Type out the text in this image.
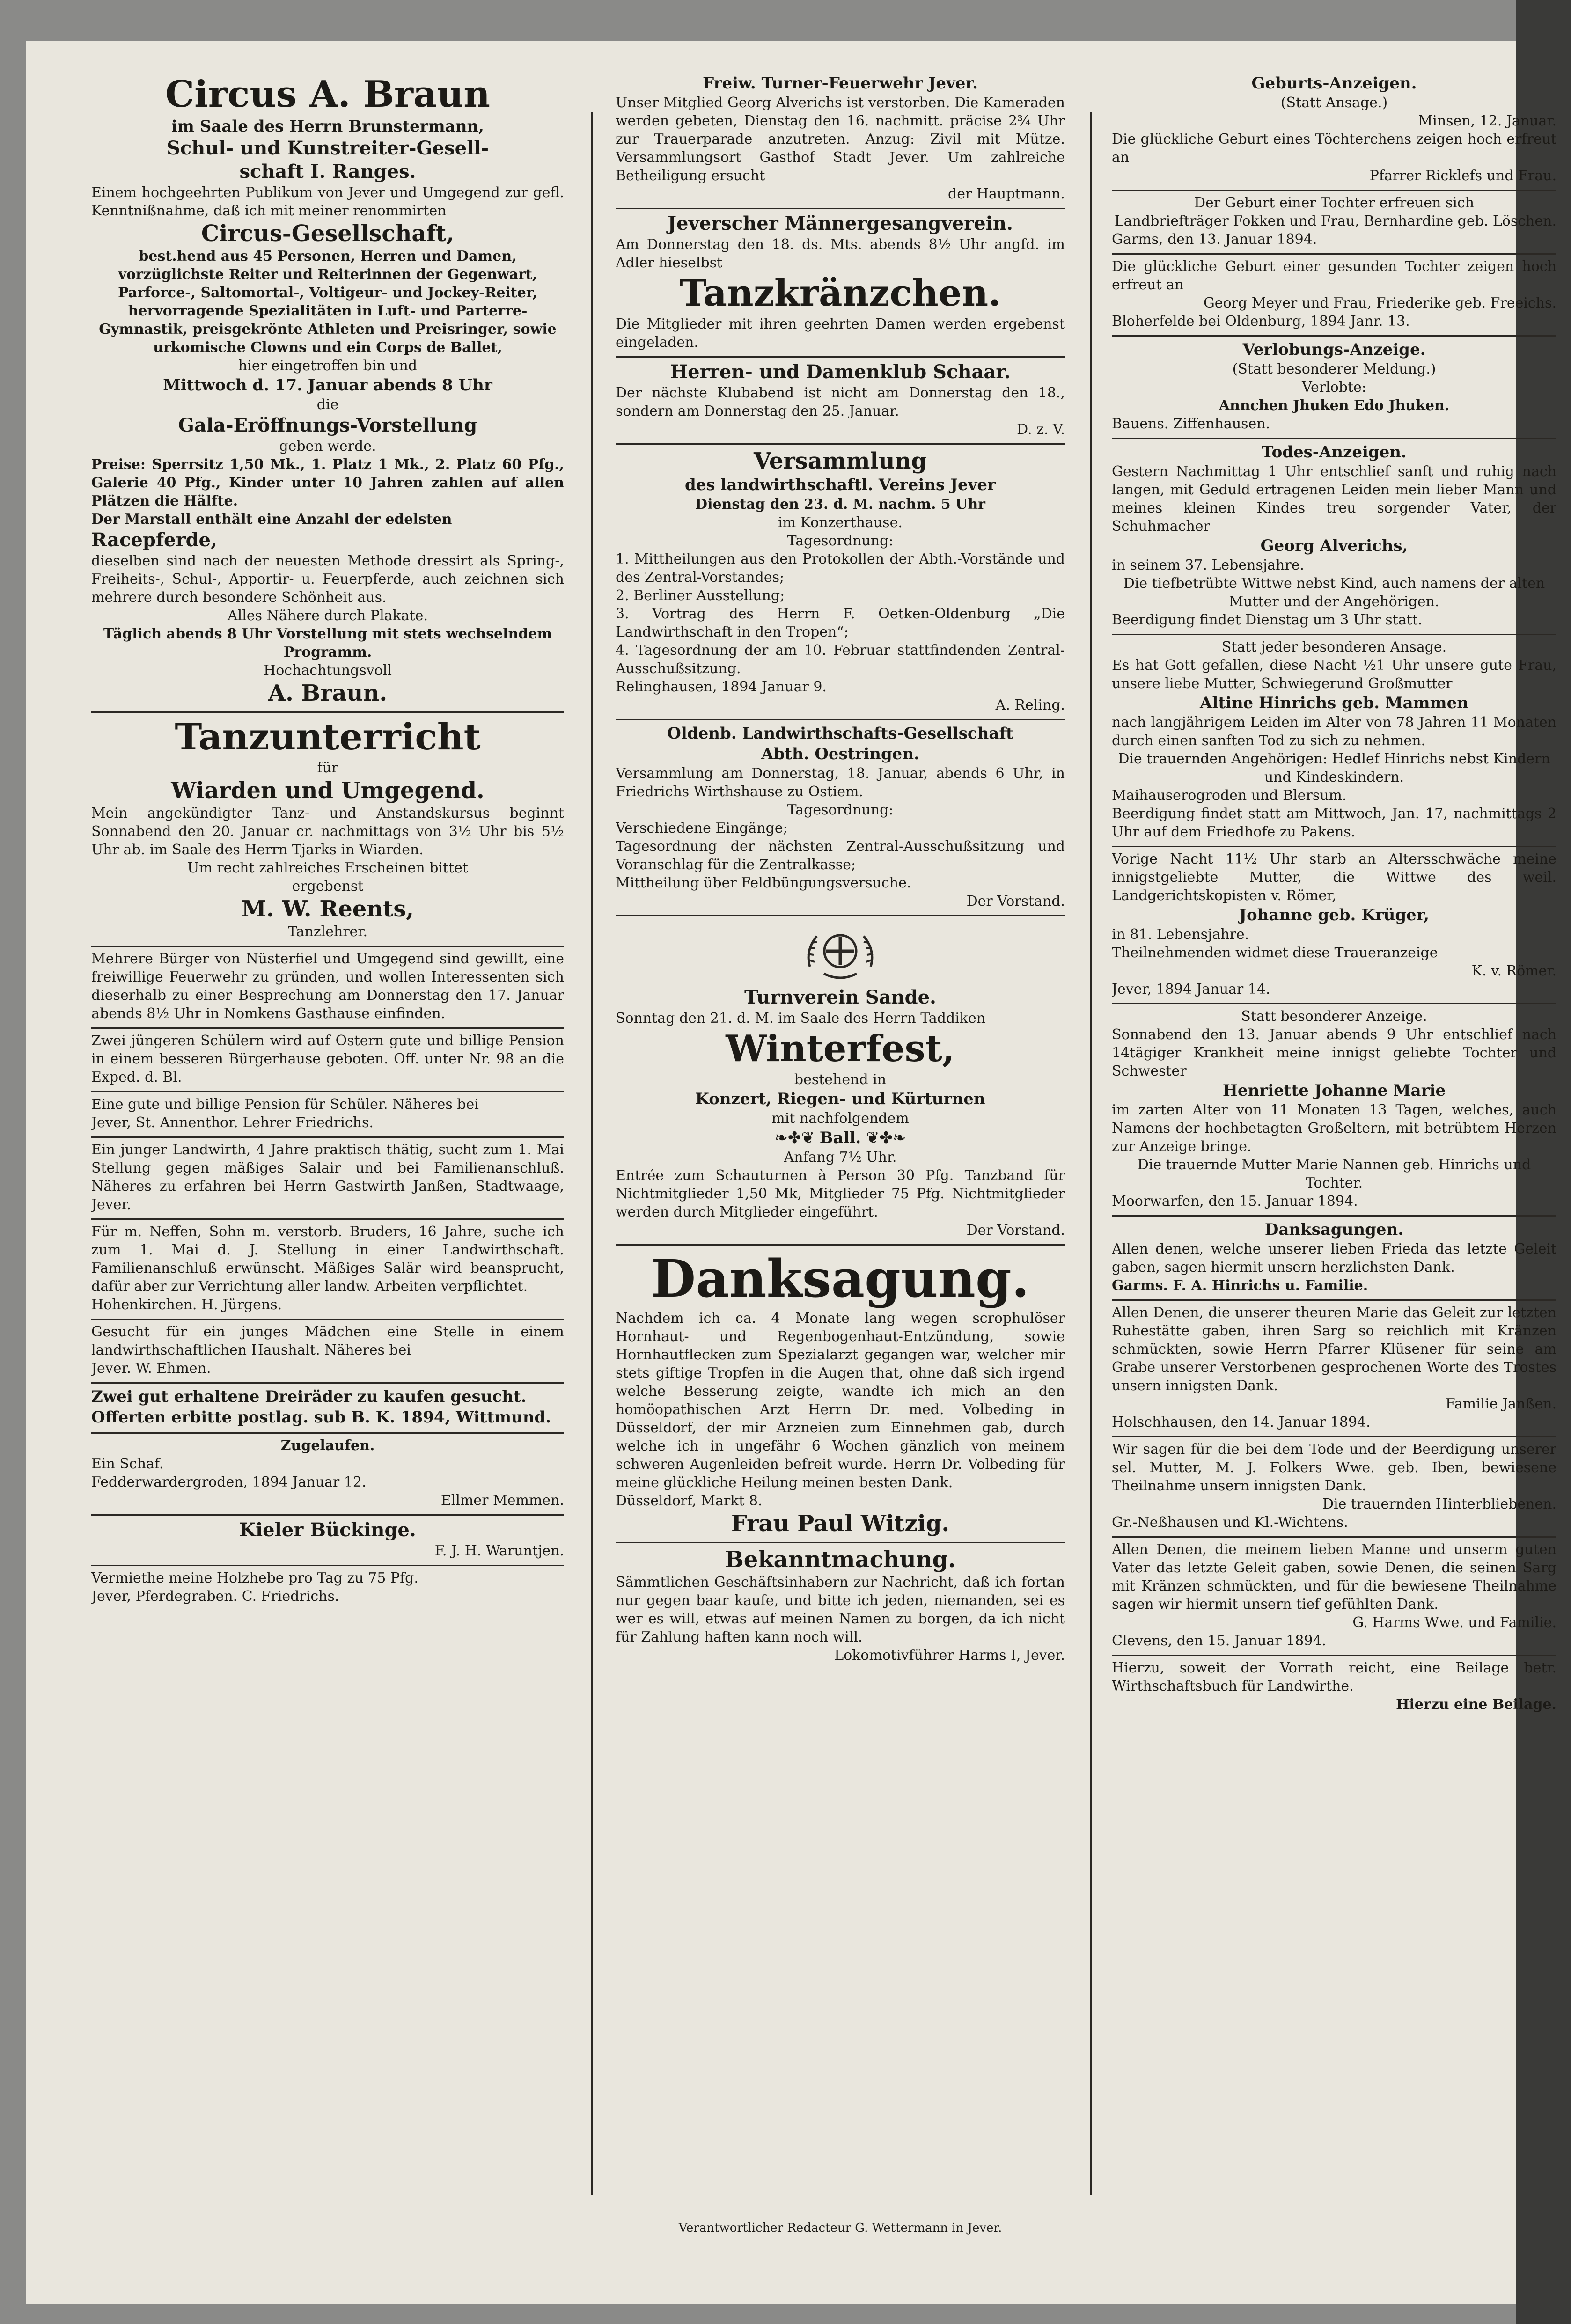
Circus A. Braun

im Saale des Herrn Brunstermann,

Schul- und Kunstreiter-Gesell-

schaft I. Ranges.

Einem hochgeehrten Publikum von Jever und Umgegend zur gefl. Kenntnißnahme, daß ich mit meiner renommirten

Circus-Gesellschaft,

best.hend aus 45 Personen, Herren und Damen, vorzüglichste Reiter und Reiterinnen der Gegenwart, Parforce-, Saltomortal-, Voltigeur- und Jockey-Reiter, hervorragende Spezialitäten in Luft- und Parterre-Gymnastik, preisgekrönte Athleten und Preisringer, sowie urkomische Clowns und ein Corps de Ballet,

hier eingetroffen bin und

Mittwoch d. 17. Januar abends 8 Uhr

die

Gala-Eröffnungs-Vorstellung

geben werde.

Preise: Sperrsitz 1,50 Mk., 1. Platz 1 Mk., 2. Platz 60 Pfg., Galerie 40 Pfg., Kinder unter 10 Jahren zahlen auf allen Plätzen die Hälfte.

Der Marstall enthält eine Anzahl der edelsten

Racepferde,

dieselben sind nach der neuesten Methode dressirt als Spring-, Freiheits-, Schul-, Apportir- u. Feuerpferde, auch zeichnen sich mehrere durch besondere Schönheit aus.

Alles Nähere durch Plakate.

Täglich abends 8 Uhr Vorstellung mit stets wechselndem Programm.

Hochachtungsvoll

A. Braun.

Tanzunterricht

für

Wiarden und Umgegend.

Mein angekündigter Tanz- und Anstandskursus beginnt Sonnabend den 20. Januar cr. nachmittags von 3½ Uhr bis 5½ Uhr ab. im Saale des Herrn Tjarks in Wiarden.

Um recht zahlreiches Erscheinen bittet

ergebenst

M. W. Reents,

Tanzlehrer.

Mehrere Bürger von Nüsterfiel und Umgegend sind gewillt, eine freiwillige Feuerwehr zu gründen, und wollen Interessenten sich dieserhalb zu einer Besprechung am Donnerstag den 17. Januar abends 8½ Uhr in Nomkens Gasthause einfinden.

Zwei jüngeren Schülern wird auf Ostern gute und billige Pension in einem besseren Bürgerhause geboten. Off. unter Nr. 98 an die Exped. d. Bl.

Eine gute und billige Pension für Schüler. Näheres bei

Jever, St. Annenthor. Lehrer Friedrichs.

Ein junger Landwirth, 4 Jahre praktisch thätig, sucht zum 1. Mai Stellung gegen mäßiges Salair und bei Familienanschluß. Näheres zu erfahren bei Herrn Gastwirth Janßen, Stadtwaage, Jever.

Für m. Neffen, Sohn m. verstorb. Bruders, 16 Jahre, suche ich zum 1. Mai d. J. Stellung in einer Landwirthschaft. Familienanschluß erwünscht. Mäßiges Salär wird beansprucht, dafür aber zur Verrichtung aller landw. Arbeiten verpflichtet.

Hohenkirchen. H. Jürgens.

Gesucht für ein junges Mädchen eine Stelle in einem landwirthschaftlichen Haushalt. Näheres bei

Jever. W. Ehmen.

Zwei gut erhaltene Dreiräder zu kaufen gesucht.

Offerten erbitte postlag. sub B. K. 1894, Wittmund.

Zugelaufen.

Ein Schaf.

Fedderwardergroden, 1894 Januar 12.

Ellmer Memmen.

Kieler Bückinge.

F. J. H. Waruntjen.

Vermiethe meine Holzhebe pro Tag zu 75 Pfg.

Jever, Pferdegraben. C. Friedrichs.

Freiw. Turner-Feuerwehr Jever.

Unser Mitglied Georg Alverichs ist verstorben. Die Kameraden werden gebeten, Dienstag den 16. nachmitt. präcise 2¾ Uhr zur Trauerparade anzutreten. Anzug: Zivil mit Mütze. Versammlungsort Gasthof Stadt Jever. Um zahlreiche Betheiligung ersucht

der Hauptmann.

Jeverscher Männergesangverein.

Am Donnerstag den 18. ds. Mts. abends 8½ Uhr angfd. im Adler hieselbst

Tanzkränzchen.

Die Mitglieder mit ihren geehrten Damen werden ergebenst eingeladen.

Herren- und Damenklub Schaar.

Der nächste Klubabend ist nicht am Donnerstag den 18., sondern am Donnerstag den 25. Januar.

D. z. V.

Versammlung

des landwirthschaftl. Vereins Jever

Dienstag den 23. d. M. nachm. 5 Uhr

im Konzerthause.

Tagesordnung:

1. Mittheilungen aus den Protokollen der Abth.-Vorstände und des Zentral-Vorstandes;

2. Berliner Ausstellung;

3. Vortrag des Herrn F. Oetken-Oldenburg „Die Landwirthschaft in den Tropen“;

4. Tagesordnung der am 10. Februar stattfindenden Zentral-Ausschußsitzung.

Relinghausen, 1894 Januar 9.

A. Reling.

Oldenb. Landwirthschafts-Gesellschaft

Abth. Oestringen.

Versammlung am Donnerstag, 18. Januar, abends 6 Uhr, in Friedrichs Wirthshause zu Ostiem.

Tagesordnung:

Verschiedene Eingänge;

Tagesordnung der nächsten Zentral-Ausschußsitzung und Voranschlag für die Zentralkasse;

Mittheilung über Feldbüngungsversuche.

Der Vorstand.

Turnverein Sande.

Sonntag den 21. d. M. im Saale des Herrn Taddiken

Winterfest,

bestehend in

Konzert, Riegen- und Kürturnen

mit nachfolgendem

❧✤❦ Ball. ❦✤❧

Anfang 7½ Uhr.

Entrée zum Schauturnen à Person 30 Pfg. Tanzband für Nichtmitglieder 1,50 Mk, Mitglieder 75 Pfg. Nichtmitglieder werden durch Mitglieder eingeführt.

Der Vorstand.

Danksagung.

Nachdem ich ca. 4 Monate lang wegen scrophulöser Hornhaut- und Regenbogenhaut-Entzündung, sowie Hornhautflecken zum Spezialarzt gegangen war, welcher mir stets giftige Tropfen in die Augen that, ohne daß sich irgend welche Besserung zeigte, wandte ich mich an den homöopathischen Arzt Herrn Dr. med. Volbeding in Düsseldorf, der mir Arzneien zum Einnehmen gab, durch welche ich in ungefähr 6 Wochen gänzlich von meinem schweren Augenleiden befreit wurde. Herrn Dr. Volbeding für meine glückliche Heilung meinen besten Dank.

Düsseldorf, Markt 8.

Frau Paul Witzig.

Bekanntmachung.

Sämmtlichen Geschäftsinhabern zur Nachricht, daß ich fortan nur gegen baar kaufe, und bitte ich jeden, niemanden, sei es wer es will, etwas auf meinen Namen zu borgen, da ich nicht für Zahlung haften kann noch will.

Lokomotivführer Harms I, Jever.

Geburts-Anzeigen.

(Statt Ansage.)

Minsen, 12. Januar.

Die glückliche Geburt eines Töchterchens zeigen hoch erfreut an

Pfarrer Ricklefs und Frau.

Der Geburt einer Tochter erfreuen sich

Landbriefträger Fokken und Frau, Bernhardine geb. Löschen.

Garms, den 13. Januar 1894.

Die glückliche Geburt einer gesunden Tochter zeigen hoch erfreut an

Georg Meyer und Frau, Friederike geb. Freeichs.

Bloherfelde bei Oldenburg, 1894 Janr. 13.

Verlobungs-Anzeige.

(Statt besonderer Meldung.)

Verlobte:

Annchen Jhuken Edo Jhuken.

Bauens. Ziffenhausen.

Todes-Anzeigen.

Gestern Nachmittag 1 Uhr entschlief sanft und ruhig nach langen, mit Geduld ertragenen Leiden mein lieber Mann und meines kleinen Kindes treu sorgender Vater, der Schuhmacher

Georg Alverichs,

in seinem 37. Lebensjahre.

Die tiefbetrübte Wittwe nebst Kind, auch namens der alten Mutter und der Angehörigen.

Beerdigung findet Dienstag um 3 Uhr statt.

Statt jeder besonderen Ansage.

Es hat Gott gefallen, diese Nacht ½1 Uhr unsere gute Frau, unsere liebe Mutter, Schwiegerund Großmutter

Altine Hinrichs geb. Mammen

nach langjährigem Leiden im Alter von 78 Jahren 11 Monaten durch einen sanften Tod zu sich zu nehmen.

Die trauernden Angehörigen: Hedlef Hinrichs nebst Kindern und Kindeskindern.

Maihauserogroden und Blersum.

Beerdigung findet statt am Mittwoch, Jan. 17, nachmittags 2 Uhr auf dem Friedhofe zu Pakens.

Vorige Nacht 11½ Uhr starb an Altersschwäche meine innigstgeliebte Mutter, die Wittwe des weil. Landgerichtskopisten v. Römer,

Johanne geb. Krüger,

in 81. Lebensjahre.

Theilnehmenden widmet diese Traueranzeige

K. v. Römer.

Jever, 1894 Januar 14.

Statt besonderer Anzeige.

Sonnabend den 13. Januar abends 9 Uhr entschlief nach 14tägiger Krankheit meine innigst geliebte Tochter und Schwester

Henriette Johanne Marie

im zarten Alter von 11 Monaten 13 Tagen, welches, auch Namens der hochbetagten Großeltern, mit betrübtem Herzen zur Anzeige bringe.

Die trauernde Mutter Marie Nannen geb. Hinrichs und Tochter.

Moorwarfen, den 15. Januar 1894.

Danksagungen.

Allen denen, welche unserer lieben Frieda das letzte Geleit gaben, sagen hiermit unsern herzlichsten Dank.

Garms. F. A. Hinrichs u. Familie.

Allen Denen, die unserer theuren Marie das Geleit zur letzten Ruhestätte gaben, ihren Sarg so reichlich mit Kränzen schmückten, sowie Herrn Pfarrer Klüsener für seine am Grabe unserer Verstorbenen gesprochenen Worte des Trostes unsern innigsten Dank.

Familie Janßen.

Holschhausen, den 14. Januar 1894.

Wir sagen für die bei dem Tode und der Beerdigung unserer sel. Mutter, M. J. Folkers Wwe. geb. Iben, bewiesene Theilnahme unsern innigsten Dank.

Die trauernden Hinterbliebenen.

Gr.-Neßhausen und Kl.-Wichtens.

Allen Denen, die meinem lieben Manne und unserm guten Vater das letzte Geleit gaben, sowie Denen, die seinen Sarg mit Kränzen schmückten, und für die bewiesene Theilnahme sagen wir hiermit unsern tief gefühlten Dank.

G. Harms Wwe. und Familie.

Clevens, den 15. Januar 1894.

Hierzu, soweit der Vorrath reicht, eine Beilage betr. Wirthschaftsbuch für Landwirthe.

Hierzu eine Beilage.

Verantwortlicher Redacteur G. Wettermann in Jever.
